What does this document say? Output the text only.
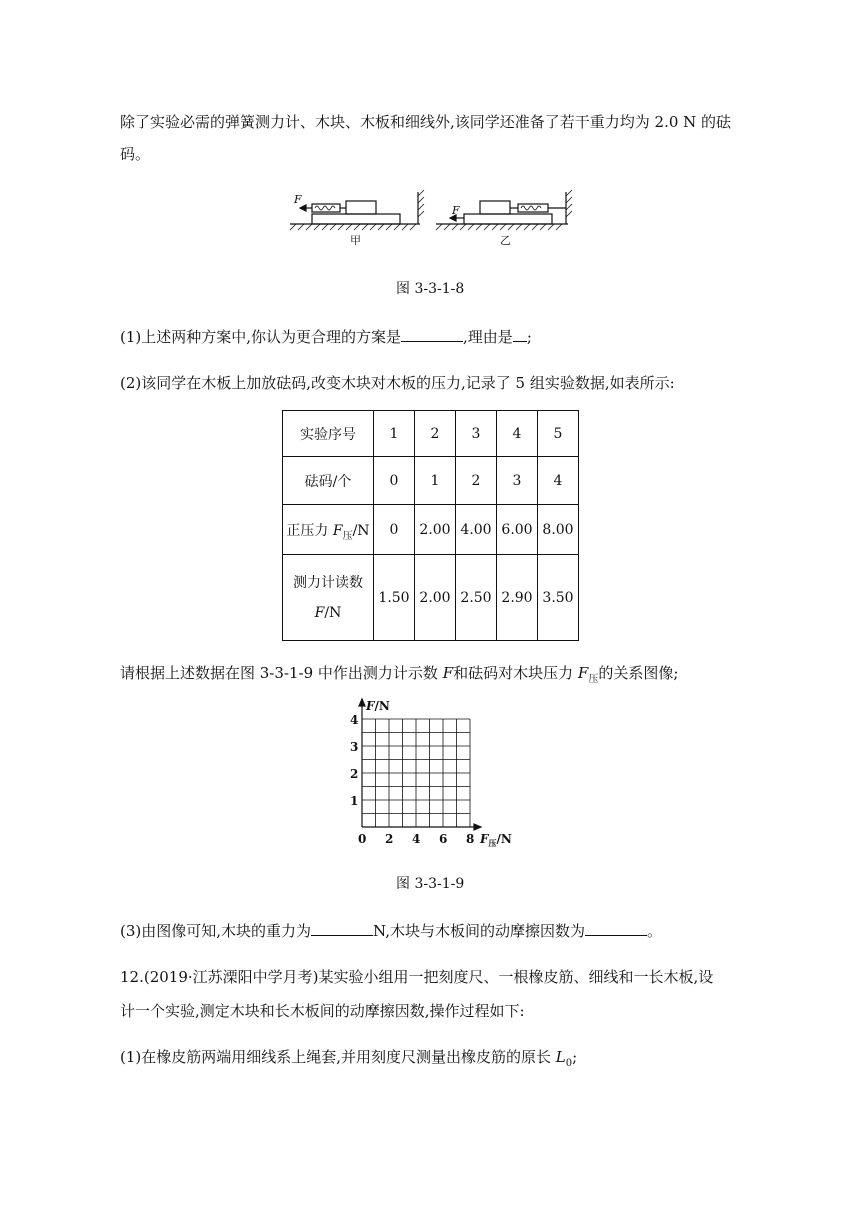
除了实验必需的弹簧测力计、木块、木板和细线外,该同学还准备了若干重力均为 2.0 N 的砝
码。
F
甲
F
乙
图 3-3-1-8
(1)上述两种方案中,你认为更合理的方案是	,理由是 ;
(2)该同学在木板上加放砝码,改变木块对木板的压力,记录了 5 组实验数据,如表所示:
实验序号	1	2	3	4	5
砝码/个	0	1	2	3	4
正压力 $F_压/N$	0	2.00	4.00	6.00	8.00
测力计读数
F/N	1.50	2.00	2.50	2.90	3.50
请根据上述数据在图 3-3-1-9 中作出测力计示数 F和砝码对木块压力 $F_压$的关系图像;
F/N
$F_压/N$
1
2
3
4
0 2 4 6 8
图 3-3-1-9
(3)由图像可知,木块的重力为	N,木块与木板间的动摩擦因数为	。
12.(2019·江苏溧阳中学月考)某实验小组用一把刻度尺、一根橡皮筋、细线和一长木板,设
计一个实验,测定木块和长木板间的动摩擦因数,操作过程如下:
(1)在橡皮筋两端用细线系上绳套,并用刻度尺测量出橡皮筋的原长 $L_0$;
